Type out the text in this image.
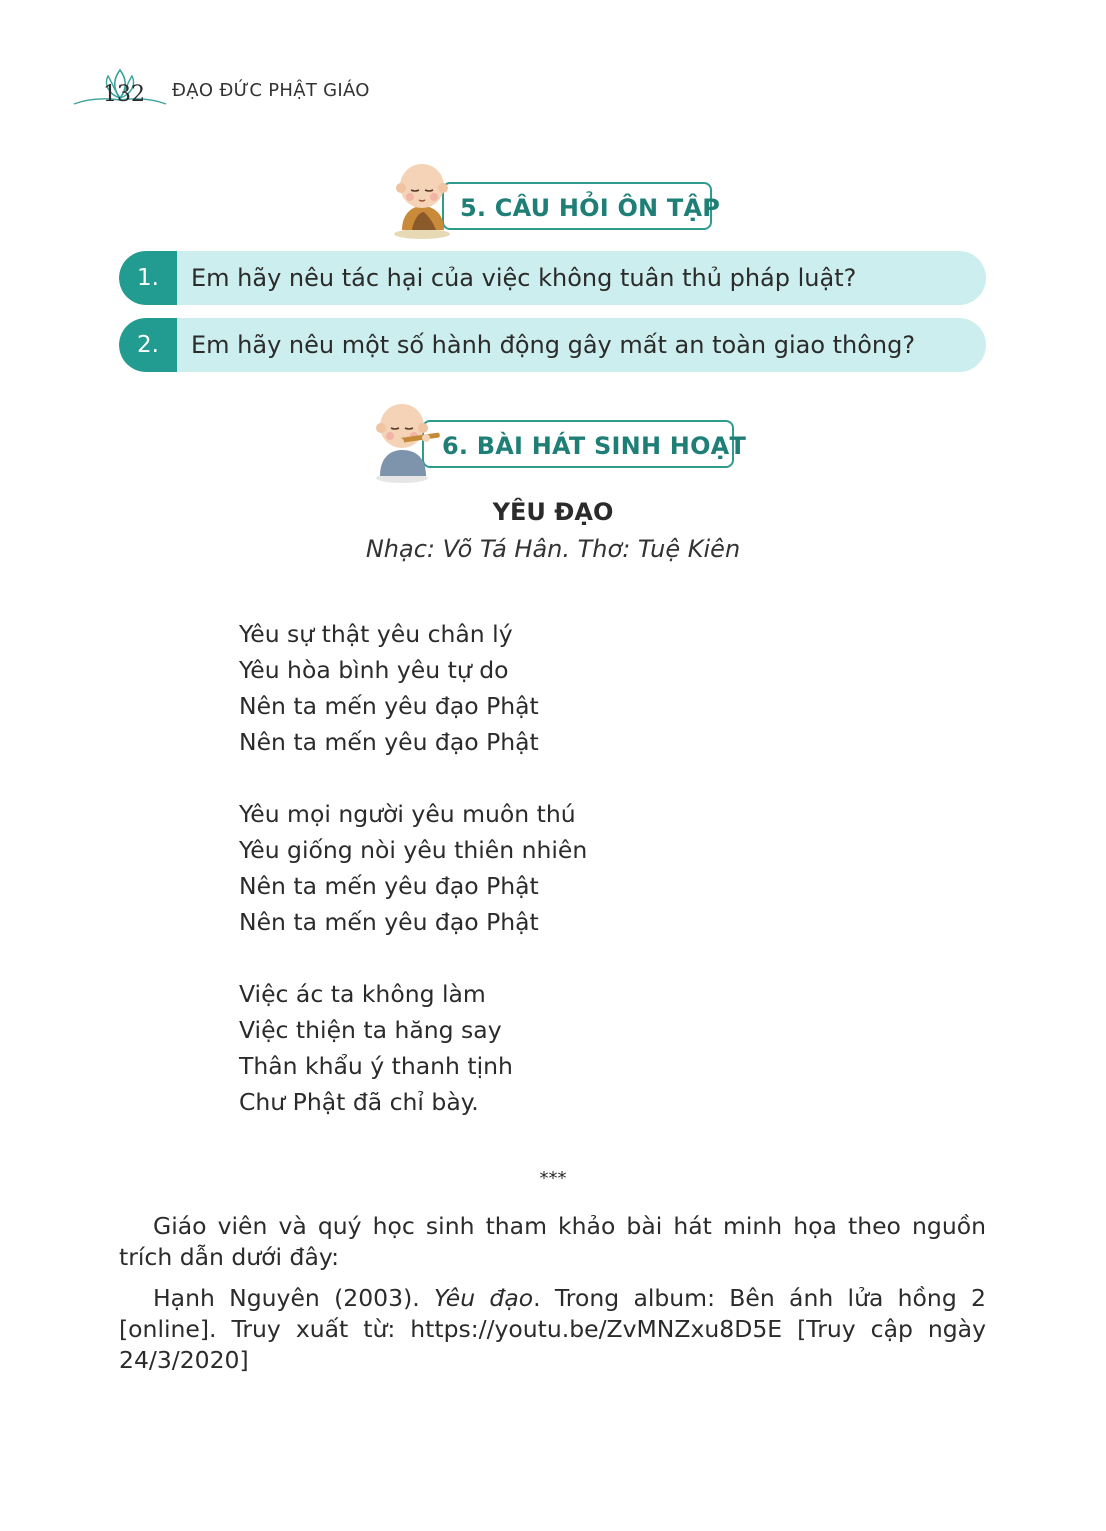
132 ĐẠO ĐỨC PHẬT GIÁO
5. CÂU HỎI ÔN TẬP
1.	Em hãy nêu tác hại của việc không tuân thủ pháp luật?
2.	Em hãy nêu một số hành động gây mất an toàn giao thông?
6. BÀI HÁT SINH HOẠT
YÊU ĐẠO
Nhạc: Võ Tá Hân. Thơ: Tuệ Kiên
Yêu sự thật yêu chân lý
Yêu hòa bình yêu tự do
Nên ta mến yêu đạo Phật
Nên ta mến yêu đạo Phật
Yêu mọi người yêu muôn thú
Yêu giống nòi yêu thiên nhiên
Nên ta mến yêu đạo Phật
Nên ta mến yêu đạo Phật
Việc ác ta không làm
Việc thiện ta hăng say
Thân khẩu ý thanh tịnh
Chư Phật đã chỉ bày.
***
Giáo viên và quý học sinh tham khảo bài hát minh họa theo nguồn trích dẫn dưới đây:
Hạnh Nguyên (2003). Yêu đạo. Trong album: Bên ánh lửa hồng 2 [online]. Truy xuất từ: https://youtu.be/ZvMNZxu8D5E [Truy cập ngày 24/3/2020]
